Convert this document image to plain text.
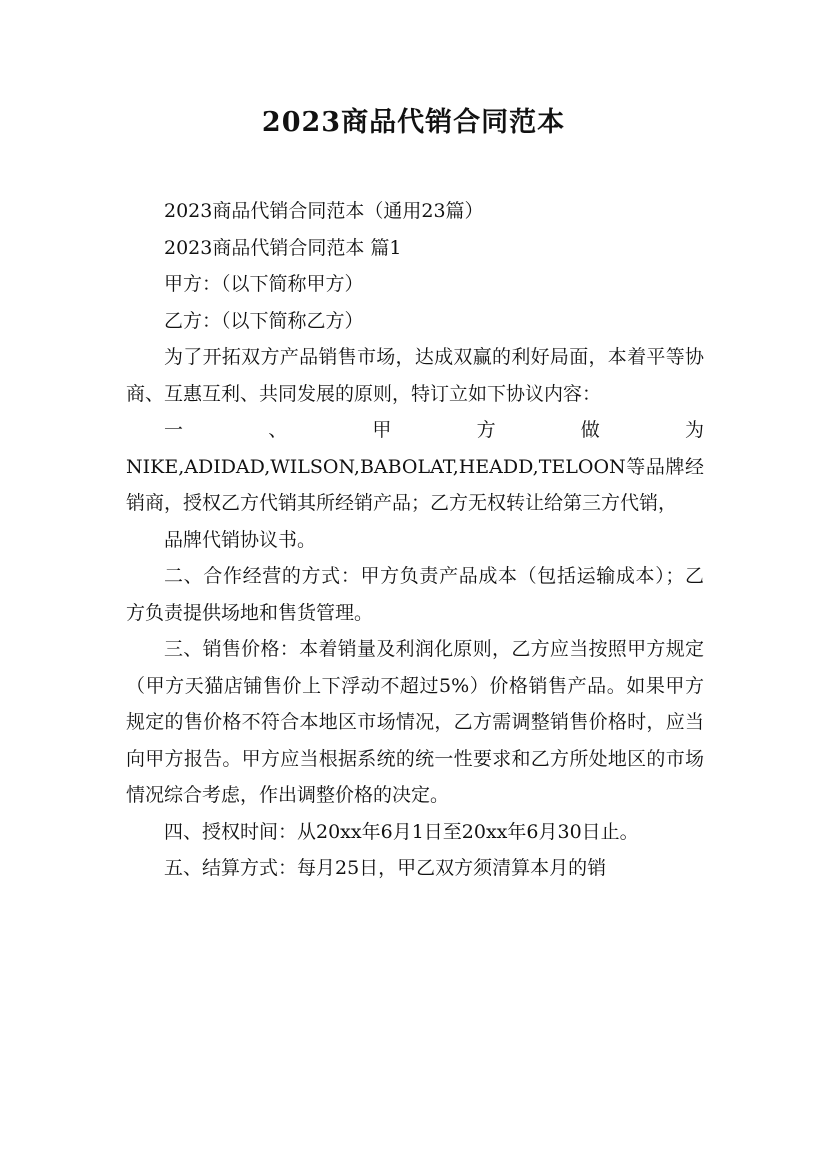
2023商品代销合同范本

2023商品代销合同范本（通用23篇）

2023商品代销合同范本 篇1

甲方：（以下简称甲方）

乙方：（以下简称乙方）

为了开拓双方产品销售市场，达成双赢的利好局面，本着平等协商、互惠互利、共同发展的原则，特订立如下协议内容：

一、甲方做为

NIKE,ADIDAD,WILSON,BABOLAT,HEADD,TELOON等品牌经销商，授权乙方代销其所经销产品；乙方无权转让给第三方代销，

品牌代销协议书。

二、合作经营的方式：甲方负责产品成本（包括运输成本）；乙方负责提供场地和售货管理。

三、销售价格：本着销量及利润化原则，乙方应当按照甲方规定（甲方天猫店铺售价上下浮动不超过5%）价格销售产品。如果甲方规定的售价格不符合本地区市场情况，乙方需调整销售价格时，应当向甲方报告。甲方应当根据系统的统一性要求和乙方所处地区的市场情况综合考虑，作出调整价格的决定。

四、授权时间：从20xx年6月1日至20xx年6月30日止。

五、结算方式：每月25日，甲乙双方须清算本月的销
